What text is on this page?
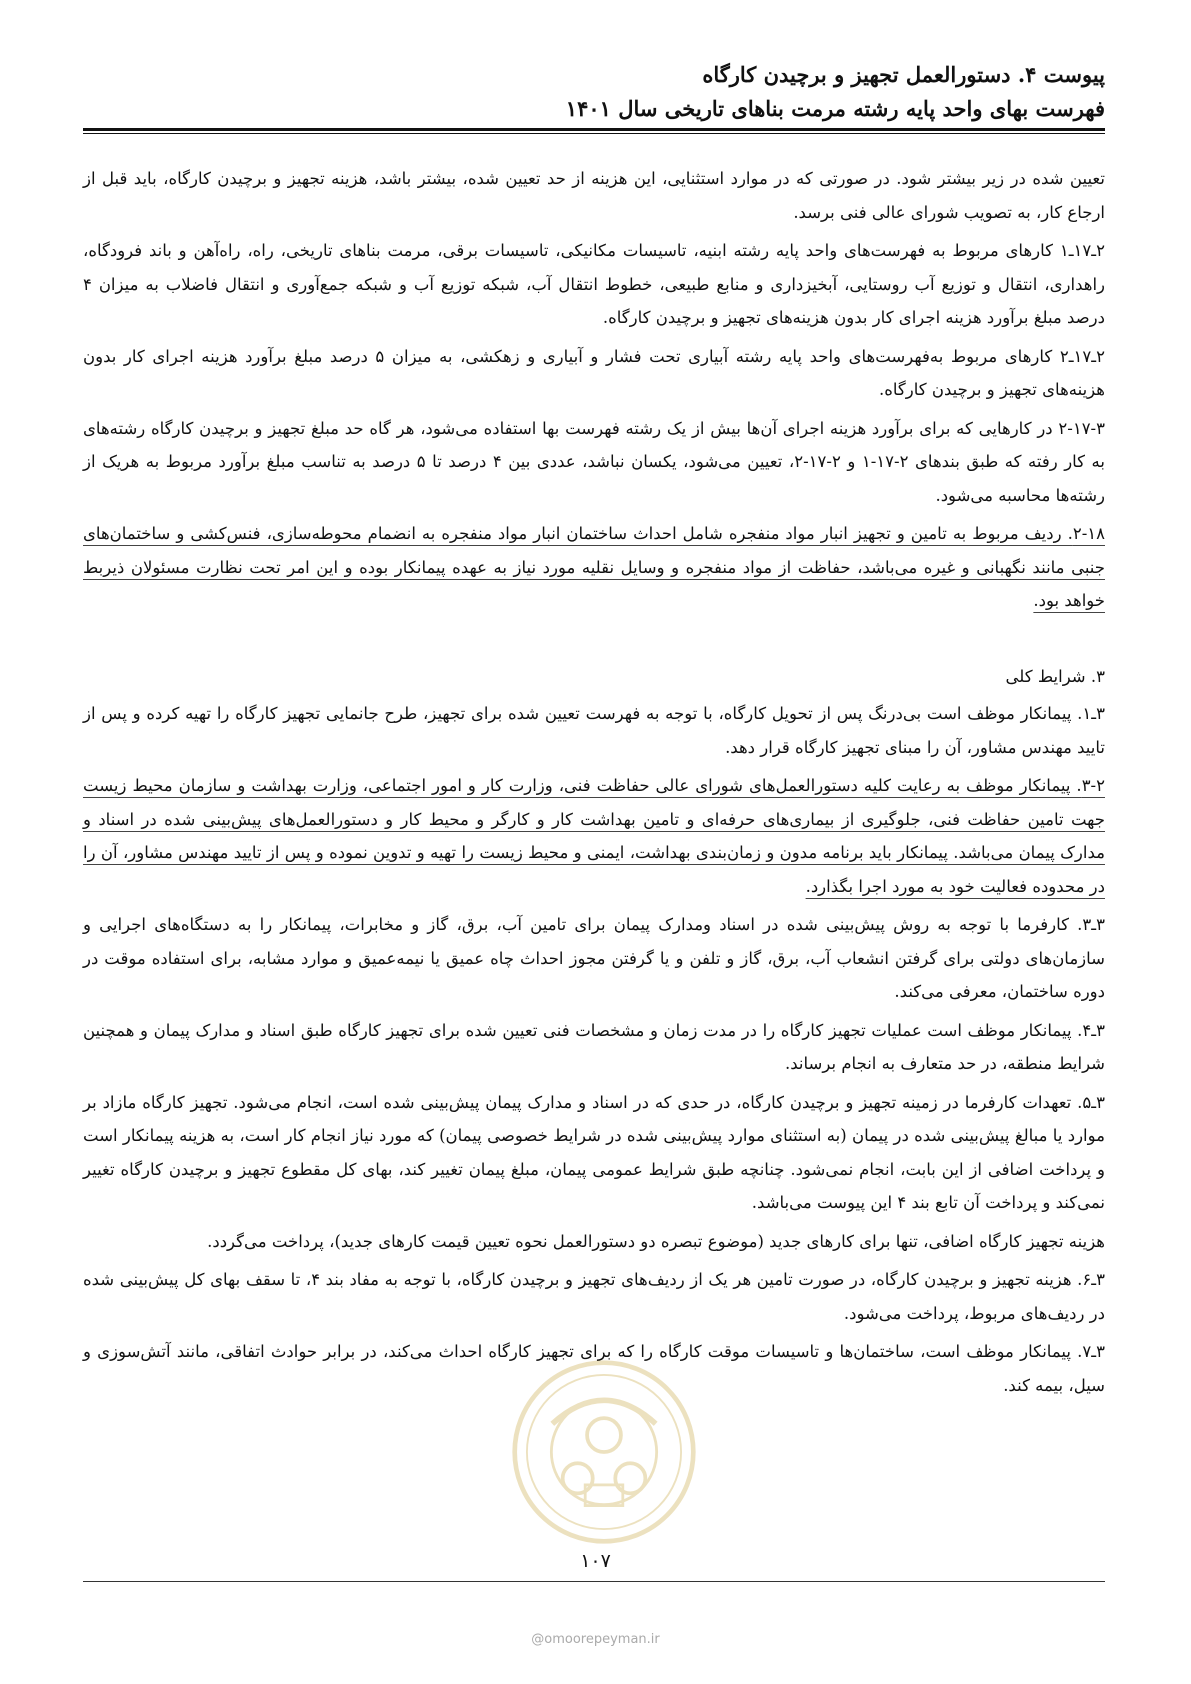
پیوست ۴. دستورالعمل تجهیز و برچیدن کارگاه
فهرست بهای واحد پایه رشته مرمت بناهای تاریخی سال ۱۴۰۱

تعیین شده در زیر بیشتر شود. در صورتی که در موارد استثنایی، این هزینه از حد تعیین شده، بیشتر باشد، هزینه تجهیز و برچیدن کارگاه، باید قبل از ارجاع کار، به تصویب شورای عالی فنی برسد.

۲ـ۱۷ـ۱ کارهای مربوط به فهرست‌های واحد پایه رشته ابنیه، تاسیسات مکانیکی، تاسیسات برقی، مرمت بناهای تاریخی، راه، راه‌آهن و باند فرودگاه، راهداری، انتقال و توزیع آب روستایی، آبخیزداری و منابع طبیعی، خطوط انتقال آب، شبکه توزیع آب و شبکه جمع‌آوری و انتقال فاضلاب به میزان ۴ درصد مبلغ برآورد هزینه اجرای کار بدون هزینه‌های تجهیز و برچیدن کارگاه.

۲ـ۱۷ـ۲ کارهای مربوط به‌فهرست‌های واحد پایه رشته آبیاری تحت فشار و آبیاری و زهکشی، به میزان ۵ درصد مبلغ برآورد هزینه اجرای کار بدون هزینه‌های تجهیز و برچیدن کارگاه.

۲-۱۷-۳ در کارهایی که برای برآورد هزینه اجرای آن‌ها بیش از یک رشته فهرست بها استفاده می‌شود، هر گاه حد مبلغ تجهیز و برچیدن کارگاه رشته‌های به کار رفته که طبق بندهای ۲-۱۷-۱ و ۲-۱۷-۲، تعیین می‌شود، یکسان نباشد، عددی بین ۴ درصد تا ۵ درصد به تناسب مبلغ برآورد مربوط به هریک از رشته‌ها محاسبه می‌شود.

۲-۱۸. ردیف مربوط به تامین و تجهیز انبار مواد منفجره شامل احداث ساختمان انبار مواد منفجره به انضمام محوطه‌سازی، فنس‌کشی و ساختمان‌های جنبی مانند نگهبانی و غیره می‌باشد، حفاظت از مواد منفجره و وسایل نقلیه مورد نیاز به عهده پیمانکار بوده و این امر تحت نظارت مسئولان ذیربط خواهد بود.

۳. شرایط کلی

۳ـ۱. پیمانکار موظف است بی‌درنگ پس از تحویل کارگاه، با توجه به فهرست تعیین شده برای تجهیز، طرح جانمایی تجهیز کارگاه را تهیه کرده و پس از تایید مهندس مشاور، آن را مبنای تجهیز کارگاه قرار دهد.

۳-۲. پیمانکار موظف به رعایت کلیه دستورالعمل‌های شورای عالی حفاظت فنی، وزارت کار و امور اجتماعی، وزارت بهداشت و سازمان محیط زیست جهت تامین حفاظت فنی، جلوگیری از بیماری‌های حرفه‌ای و تامین بهداشت کار و کارگر و محیط کار و دستورالعمل‌های پیش‌بینی شده در اسناد و مدارک پیمان می‌باشد. پیمانکار باید برنامه مدون و زمان‌بندی بهداشت، ایمنی و محیط زیست را تهیه و تدوین نموده و پس از تایید مهندس مشاور، آن را در محدوده فعالیت خود به مورد اجرا بگذارد.

۳ـ۳. کارفرما با توجه به روش پیش‌بینی شده در اسناد ومدارک پیمان برای تامین آب، برق، گاز و مخابرات، پیمانکار را به دستگاه‌های اجرایی و سازمان‌های دولتی برای گرفتن انشعاب آب، برق، گاز و تلفن و یا گرفتن مجوز احداث چاه عمیق یا نیمه‌عمیق و موارد مشابه، برای استفاده موقت در دوره ساختمان، معرفی می‌کند.

۳ـ۴. پیمانکار موظف است عملیات تجهیز کارگاه را در مدت زمان و مشخصات فنی تعیین شده برای تجهیز کارگاه طبق اسناد و مدارک پیمان و همچنین شرایط منطقه، در حد متعارف به انجام برساند.

۳ـ۵. تعهدات کارفرما در زمینه تجهیز و برچیدن کارگاه، در حدی که در اسناد و مدارک پیمان پیش‌بینی شده است، انجام می‌شود. تجهیز کارگاه مازاد بر موارد یا مبالغ پیش‌بینی شده در پیمان (به استثنای موارد پیش‌بینی شده در شرایط خصوصی پیمان) که مورد نیاز انجام کار است، به هزینه پیمانکار است و پرداخت اضافی از این بابت، انجام نمی‌شود. چنانچه طبق شرایط عمومی پیمان، مبلغ پیمان تغییر کند، بهای کل مقطوع تجهیز و برچیدن کارگاه تغییر نمی‌کند و پرداخت آن تابع بند ۴ این پیوست می‌باشد.

هزینه تجهیز کارگاه اضافی، تنها برای کارهای جدید (موضوع تبصره دو دستورالعمل نحوه تعیین قیمت کارهای جدید)، پرداخت می‌گردد.

۳ـ۶. هزینه تجهیز و برچیدن کارگاه، در صورت تامین هر یک از ردیف‌های تجهیز و برچیدن کارگاه، با توجه به مفاد بند ۴، تا سقف بهای کل پیش‌بینی شده در ردیف‌های مربوط، پرداخت می‌شود.

۳ـ۷. پیمانکار موظف است، ساختمان‌ها و تاسیسات موقت کارگاه را که برای تجهیز کارگاه احداث می‌کند، در برابر حوادث اتفاقی، مانند آتش‌سوزی و سیل، بیمه کند.

۱۰۷
@omoorepeyman.ir
